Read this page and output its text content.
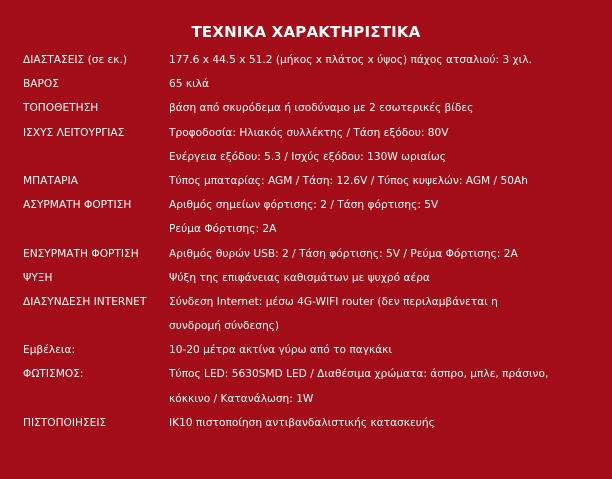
ΤΕΧΝΙΚΑ ΧΑΡΑΚΤΗΡΙΣΤΙΚΑ
ΔΙΑΣΤΑΣΕΙΣ (σε εκ.)	177.6 x 44.5 x 51.2 (μήκος x πλάτος x ύψος) πάχος ατσαλιού: 3 χιλ.
ΒΑΡΟΣ	65 κιλά
ΤΟΠΟΘΕΤΗΣΗ	βάση από σκυρόδεμα ή ισοδύναμο με 2 εσωτερικές βίδες
ΙΣΧΥΣ ΛΕΙΤΟΥΡΓΙΑΣ	Τροφοδοσία: Ηλιακός συλλέκτης / Τάση εξόδου: 80V
Ενέργεια εξόδου: 5.3 / Ισχύς εξόδου: 130W ωριαίως
ΜΠΑΤΑΡΙΑ	Τύπος μπαταρίας: AGM / Τάση: 12.6V / Τύπος κυψελών: AGM / 50Ah
ΑΣΥΡΜΑΤΗ ΦΟΡΤΙΣΗ	Αριθμός σημείων φόρτισης: 2 / Τάση φόρτισης: 5V
Ρεύμα Φόρτισης: 2A
ΕΝΣΥΡΜΑΤΗ ΦΟΡΤΙΣΗ	Αριθμός θυρών USB: 2 / Τάση φόρτισης: 5V / Ρεύμα Φόρτισης: 2A
ΨΥΞΗ	Ψύξη της επιφάνειας καθισμάτων με ψυχρό αέρα
ΔΙΑΣΥΝΔΕΣΗ INTERNET Σύνδεση Internet: μέσω 4G-WIFI router (δεν περιλαμβάνεται η
συνδρομή σύνδεσης)
Εμβέλεια:	10-20 μέτρα ακτίνα γύρω από το παγκάκι
ΦΩΤΙΣΜΟΣ:	Τύπος LED: 5630SMD LED / Διαθέσιμα χρώματα: άσπρο, μπλε, πράσινο,
κόκκινο / Κατανάλωση: 1W
ΠΙΣΤΟΠΟΙΗΣΕΙΣ	IK10 πιστοποίηση αντιβανδαλιστικής κατασκευής
